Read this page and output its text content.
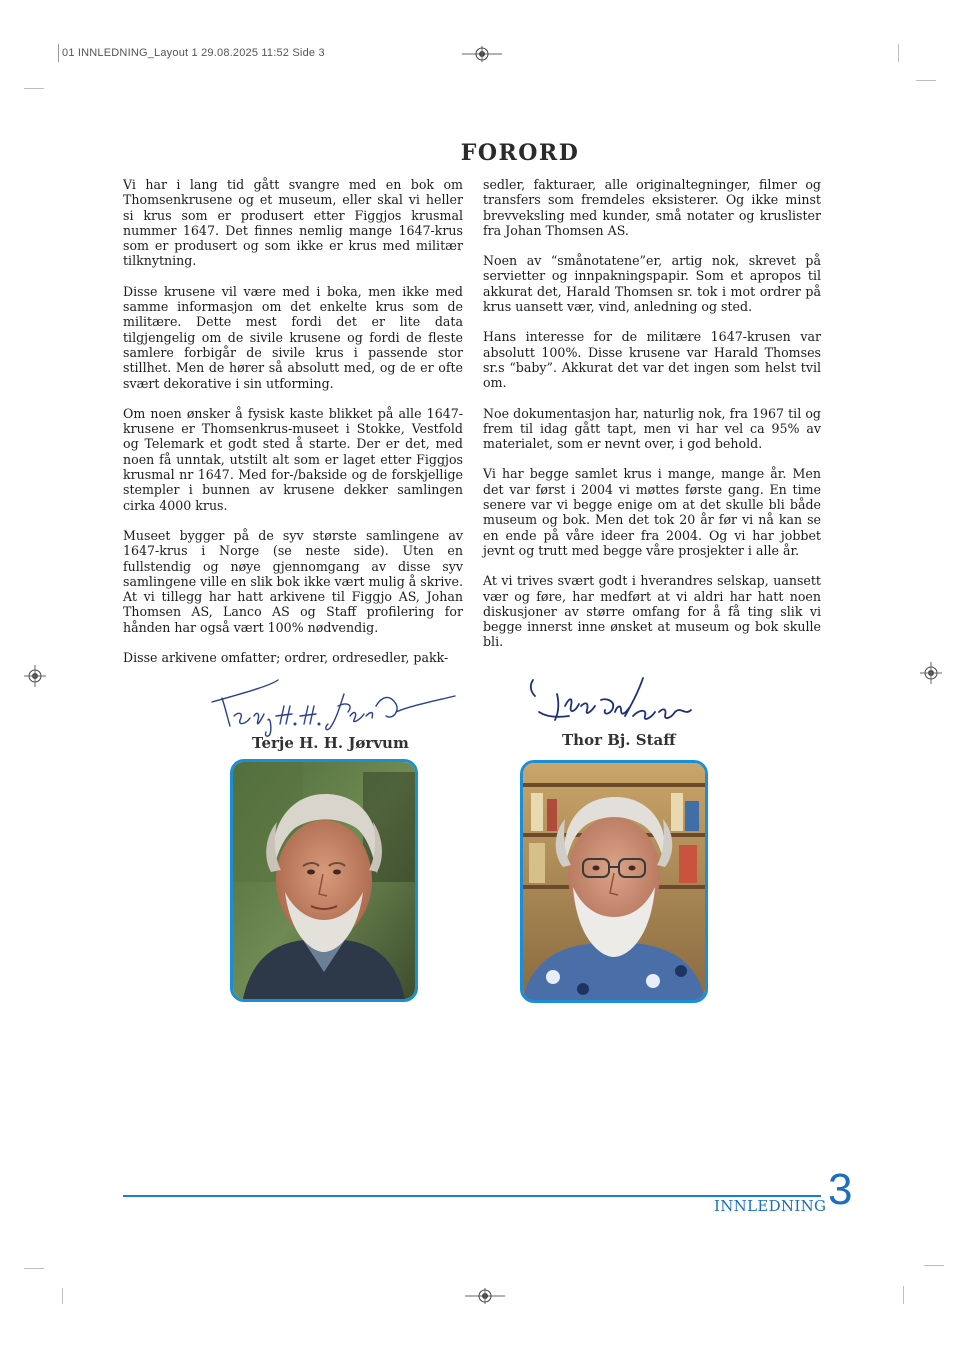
01 INNLEDNING_Layout 1 29.08.2025 11:52 Side 3
FORORD

Vi har i lang tid gått svangre med en bok om Thomsenkrusene og et museum, eller skal vi heller si krus som er produsert etter Figgjos krusmal nummer 1647. Det finnes nemlig mange 1647-krus som er produsert og som ikke er krus med militær tilknytning.

Disse krusene vil være med i boka, men ikke med samme informasjon om det enkelte krus som de militære. Dette mest fordi det er lite data tilgjengelig om de sivile krusene og fordi de fleste samlere forbigår de sivile krus i passende stor stillhet. Men de hører så absolutt med, og de er ofte svært dekorative i sin utforming.

Om noen ønsker å fysisk kaste blikket på alle 1647-krusene er Thomsenkrus-museet i Stokke, Vestfold og Telemark et godt sted å starte. Der er det, med noen få unntak, utstilt alt som er laget etter Figgjos krusmal nr 1647. Med for-/bakside og de forskjellige stempler i bunnen av krusene dekker samlingen cirka 4000 krus.

Museet bygger på de syv største samlingene av 1647-krus i Norge (se neste side). Uten en fullstendig og nøye gjennomgang av disse syv samlingene ville en slik bok ikke vært mulig å skrive. At vi tillegg har hatt arkivene til Figgjo AS, Johan Thomsen AS, Lanco AS og Staff profilering for hånden har også vært 100% nødvendig.

Disse arkivene omfatter; ordrer, ordresedler, pakk-

sedler, fakturaer, alle originaltegninger, filmer og transfers som fremdeles eksisterer. Og ikke minst brevveksling med kunder, små notater og kruslister fra Johan Thomsen AS.

Noen av “smånotatene”er, artig nok, skrevet på servietter og innpakningspapir. Som et apropos til akkurat det, Harald Thomsen sr. tok i mot ordrer på krus uansett vær, vind, anledning og sted.

Hans interesse for de militære 1647-krusen var absolutt 100%. Disse krusene var Harald Thomses sr.s “baby”. Akkurat det var det ingen som helst tvil om.

Noe dokumentasjon har, naturlig nok, fra 1967 til og frem til idag gått tapt, men vi har vel ca 95% av materialet, som er nevnt over, i god behold.

Vi har begge samlet krus i mange, mange år. Men det var først i 2004 vi møttes første gang. En time senere var vi begge enige om at det skulle bli både museum og bok. Men det tok 20 år før vi nå kan se en ende på våre ideer fra 2004. Og vi har jobbet jevnt og trutt med begge våre prosjekter i alle år.

At vi trives svært godt i hverandres selskap, uansett vær og føre, har medført at vi aldri har hatt noen diskusjoner av større omfang for å få ting slik vi begge innerst inne ønsket at museum og bok skulle bli.

Terje H. H. Jørvum	Thor Bj. Staff
INNLEDNING 3
